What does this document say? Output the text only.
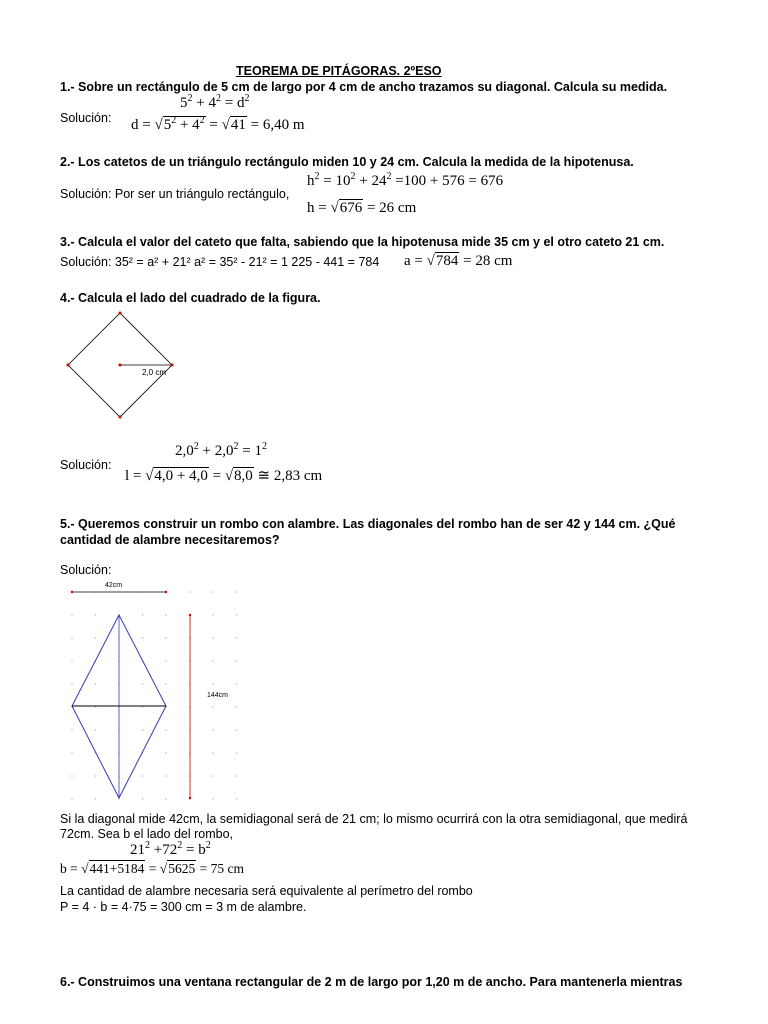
TEOREMA DE PITÁGORAS. 2ºESO
1.- Sobre un rectángulo de 5 cm de largo por 4 cm de ancho trazamos su diagonal. Calcula su medida.
$5^2 + 4^2 = d^2$
Solución: d = √ $5^2 + 4^2$ = √ 41 = 6,40 m
2.- Los catetos de un triángulo rectángulo miden 10 y 24 cm. Calcula la medida de la hipotenusa.
$h^2 = 10^2 + 24^2 =100 + 576 = 676$
Solución: Por ser un triángulo rectángulo,
h = √ 676 = 26 cm
3.- Calcula el valor del cateto que falta, sabiendo que la hipotenusa mide 35 cm y el otro cateto 21 cm.
Solución: 35² = a² + 21² a² = 35² - 21² = 1 225 - 441 = 784 a = √ 784 = 28 cm
4.- Calcula el lado del cuadrado de la figura.
2,0 cm
$2,0^2 + 2,0^2 = 1^2$
Solución:
l = √ 4,0 + 4,0 = √ 8,0 ≅ 2,83 cm
5.- Queremos construir un rombo con alambre. Las diagonales del rombo han de ser 42 y 144 cm. ¿Qué
cantidad de alambre necesitaremos?
Solución:
42cm
144cm
Si la diagonal mide 42cm, la semidiagonal será de 21 cm; lo mismo ocurrirá con la otra semidiagonal, que medirá
72cm. Sea b el lado del rombo,
$21^2 +72^2 = b^2$
b = √ 441+5184 = √ 5625 = 75 cm
La cantidad de alambre necesaria será equivalente al perímetro del rombo
P = 4 · b = 4·75 = 300 cm = 3 m de alambre.
6.- Construimos una ventana rectangular de 2 m de largo por 1,20 m de ancho. Para mantenerla mientras
